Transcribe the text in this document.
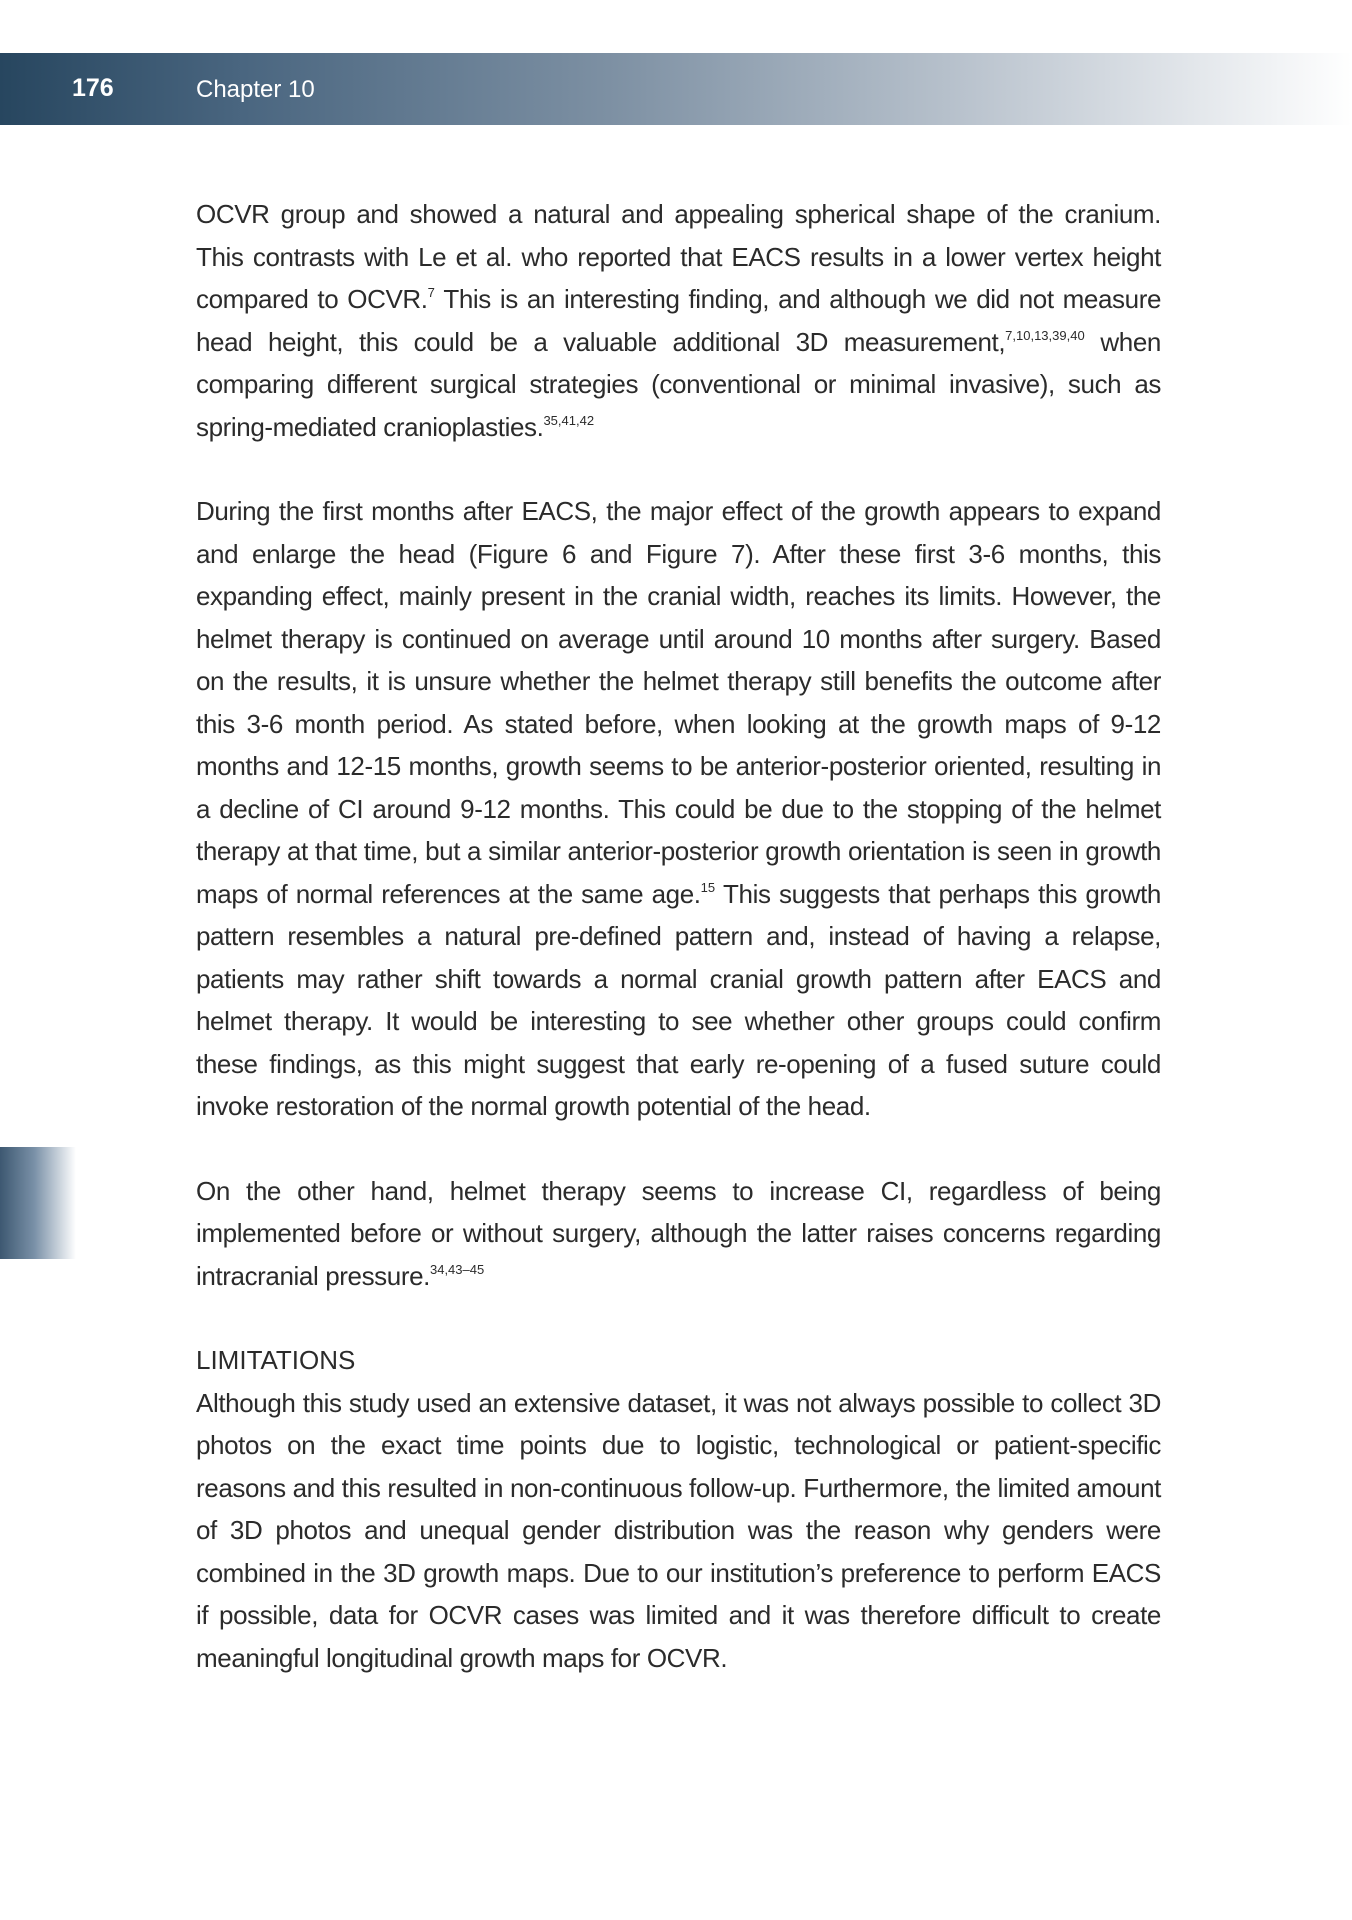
176	Chapter 10

OCVR group and showed a natural and appealing spherical shape of the cranium. This contrasts with Le et al. who reported that EACS results in a lower vertex height compared to OCVR.$^7$ This is an interesting finding, and although we did not measure head height, this could be a valuable additional 3D measurement,$^{7,10,13,39,40}$ when comparing different surgical strategies (conventional or minimal invasive), such as spring-mediated cranioplasties.$^{35,41,42}$

During the first months after EACS, the major effect of the growth appears to expand and enlarge the head (Figure 6 and Figure 7). After these first 3-6 months, this expanding effect, mainly present in the cranial width, reaches its limits. However, the helmet therapy is continued on average until around 10 months after surgery. Based on the results, it is unsure whether the helmet therapy still benefits the outcome after this 3-6 month period. As stated before, when looking at the growth maps of 9-12 months and 12-15 months, growth seems to be anterior-posterior oriented, resulting in a decline of CI around 9-12 months. This could be due to the stopping of the helmet therapy at that time, but a similar anterior-posterior growth orientation is seen in growth maps of normal references at the same age.$^{15}$ This suggests that perhaps this growth pattern resembles a natural pre-defined pattern and, instead of having a relapse, patients may rather shift towards a normal cranial growth pattern after EACS and helmet therapy. It would be interesting to see whether other groups could confirm these findings, as this might suggest that early re-opening of a fused suture could invoke restoration of the normal growth potential of the head.

On the other hand, helmet therapy seems to increase CI, regardless of being implemented before or without surgery, although the latter raises concerns regarding intracranial pressure.$^{34,43-45}$

LIMITATIONS

Although this study used an extensive dataset, it was not always possible to collect 3D photos on the exact time points due to logistic, technological or patient-specific reasons and this resulted in non-continuous follow-up. Furthermore, the limited amount of 3D photos and unequal gender distribution was the reason why genders were combined in the 3D growth maps. Due to our institution’s preference to perform EACS if possible, data for OCVR cases was limited and it was therefore difficult to create meaningful longitudinal growth maps for OCVR.
